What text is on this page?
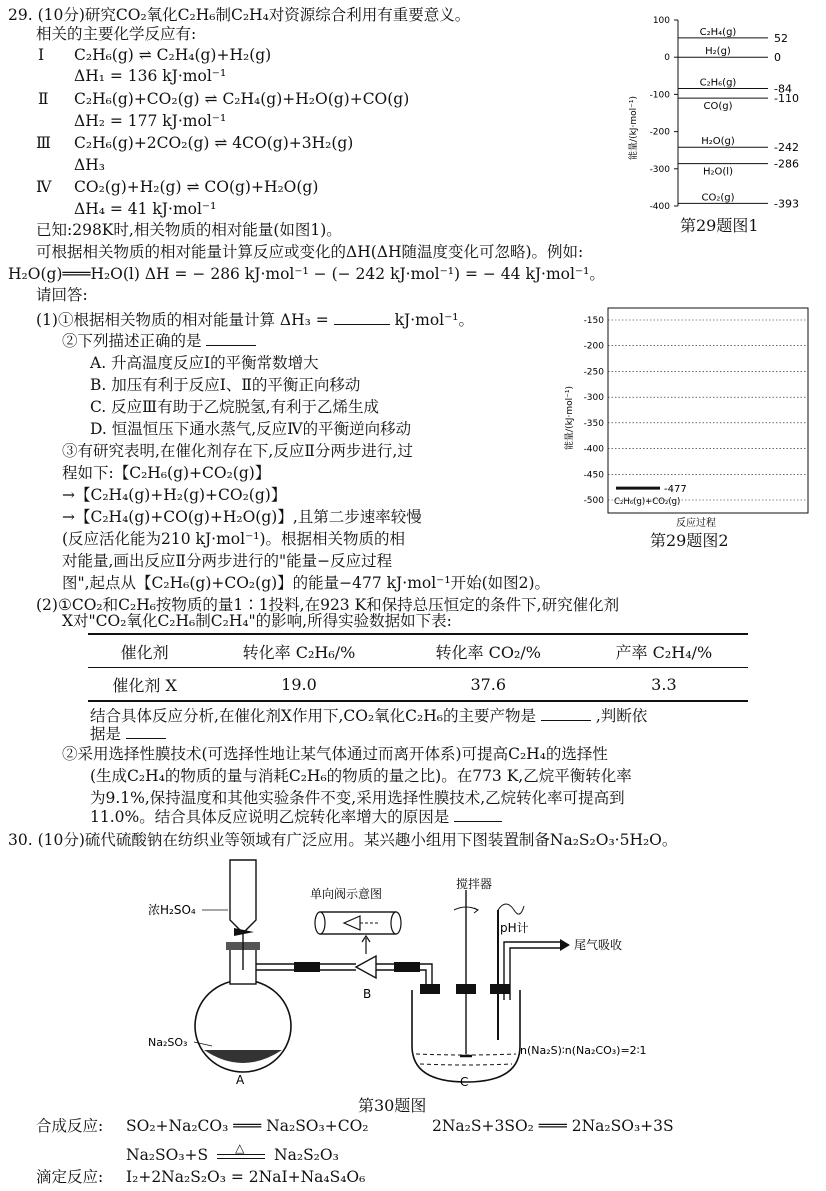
29. (10分)研究CO₂氧化C₂H₆制C₂H₄对资源综合利用有重要意义。
相关的主要化学反应有:
Ⅰ C₂H₆(g) ⇌ C₂H₄(g)+H₂(g)
ΔH₁ = 136 kJ·mol⁻¹
Ⅱ C₂H₆(g)+CO₂(g) ⇌ C₂H₄(g)+H₂O(g)+CO(g)
ΔH₂ = 177 kJ·mol⁻¹
Ⅲ C₂H₆(g)+2CO₂(g) ⇌ 4CO(g)+3H₂(g)
ΔH₃
Ⅳ CO₂(g)+H₂(g) ⇌ CO(g)+H₂O(g)
ΔH₄ = 41 kJ·mol⁻¹
已知:298K时,相关物质的相对能量(如图1)。
可根据相关物质的相对能量计算反应或变化的ΔH(ΔH随温度变化可忽略)。例如:
H₂O(g)═══H₂O(l) ΔH = − 286 kJ·mol⁻¹ − (− 242 kJ·mol⁻¹) = − 44 kJ·mol⁻¹。
请回答:
(1)①根据相关物质的相对能量计算 ΔH₃ =	kJ·mol⁻¹。
②下列描述正确的是
A. 升高温度反应Ⅰ的平衡常数增大
B. 加压有利于反应Ⅰ、Ⅱ的平衡正向移动
C. 反应Ⅲ有助于乙烷脱氢,有利于乙烯生成
D. 恒温恒压下通水蒸气,反应Ⅳ的平衡逆向移动
③有研究表明,在催化剂存在下,反应Ⅱ分两步进行,过
程如下:【C₂H₆(g)+CO₂(g)】
→【C₂H₄(g)+H₂(g)+CO₂(g)】
→【C₂H₄(g)+CO(g)+H₂O(g)】,且第二步速率较慢
(反应活化能为210 kJ·mol⁻¹)。根据相关物质的相
对能量,画出反应Ⅱ分两步进行的"能量−反应过程
图",起点从【C₂H₆(g)+CO₂(g)】的能量−477 kJ·mol⁻¹开始(如图2)。
(2)①CO₂和C₂H₆按物质的量1∶1投料,在923 K和保持总压恒定的条件下,研究催化剂
X对"CO₂氧化C₂H₆制C₂H₄"的影响,所得实验数据如下表:
催化剂	转化率 C₂H₆/%	转化率 CO₂/%	产率 C₂H₄/%
催化剂 X	19.0	37.6	3.3
结合具体反应分析,在催化剂X作用下,CO₂氧化C₂H₆的主要产物是	,判断依
据是
②采用选择性膜技术(可选择性地让某气体通过而离开体系)可提高C₂H₄的选择性
(生成C₂H₄的物质的量与消耗C₂H₆的物质的量之比)。在773 K,乙烷平衡转化率
为9.1%,保持温度和其他实验条件不变,采用选择性膜技术,乙烷转化率可提高到
11.0%。结合具体反应说明乙烷转化率增大的原因是
能量/(kJ·mol⁻¹)
100
0
-100
-200
-300
-400
C₂H₄(g)	52
H₂(g)	0
C₂H₆(g)	-84
CO(g)
-110
H₂O(g)	-242
H₂O(l)
-286
CO₂(g)	-393
第29题图1
能量/(kJ·mol⁻¹)
-150
-200
-250
-300
-350
-400
-450
-500
-477
C₂H₆(g)+CO₂(g)
反应过程
第29题图2
30. (10分)硫代硫酸钠在纺织业等领域有广泛应用。某兴趣小组用下图装置制备Na₂S₂O₃·5H₂O。
浓H₂SO₄
Na₂SO₃
A
B
单向阀示意图
搅拌器
pH计
尾气吸收
n(Na₂S)∶n(Na₂CO₃)=2∶1
C
第30题图
合成反应: SO₂+Na₂CO₃ ═══ Na₂SO₃+CO₂	2Na₂S+3SO₂ ═══ 2Na₂SO₃+3S
Na₂SO₃+S △ Na₂S₂O₃
滴定反应: I₂+2Na₂S₂O₃ = 2NaI+Na₄S₄O₆
